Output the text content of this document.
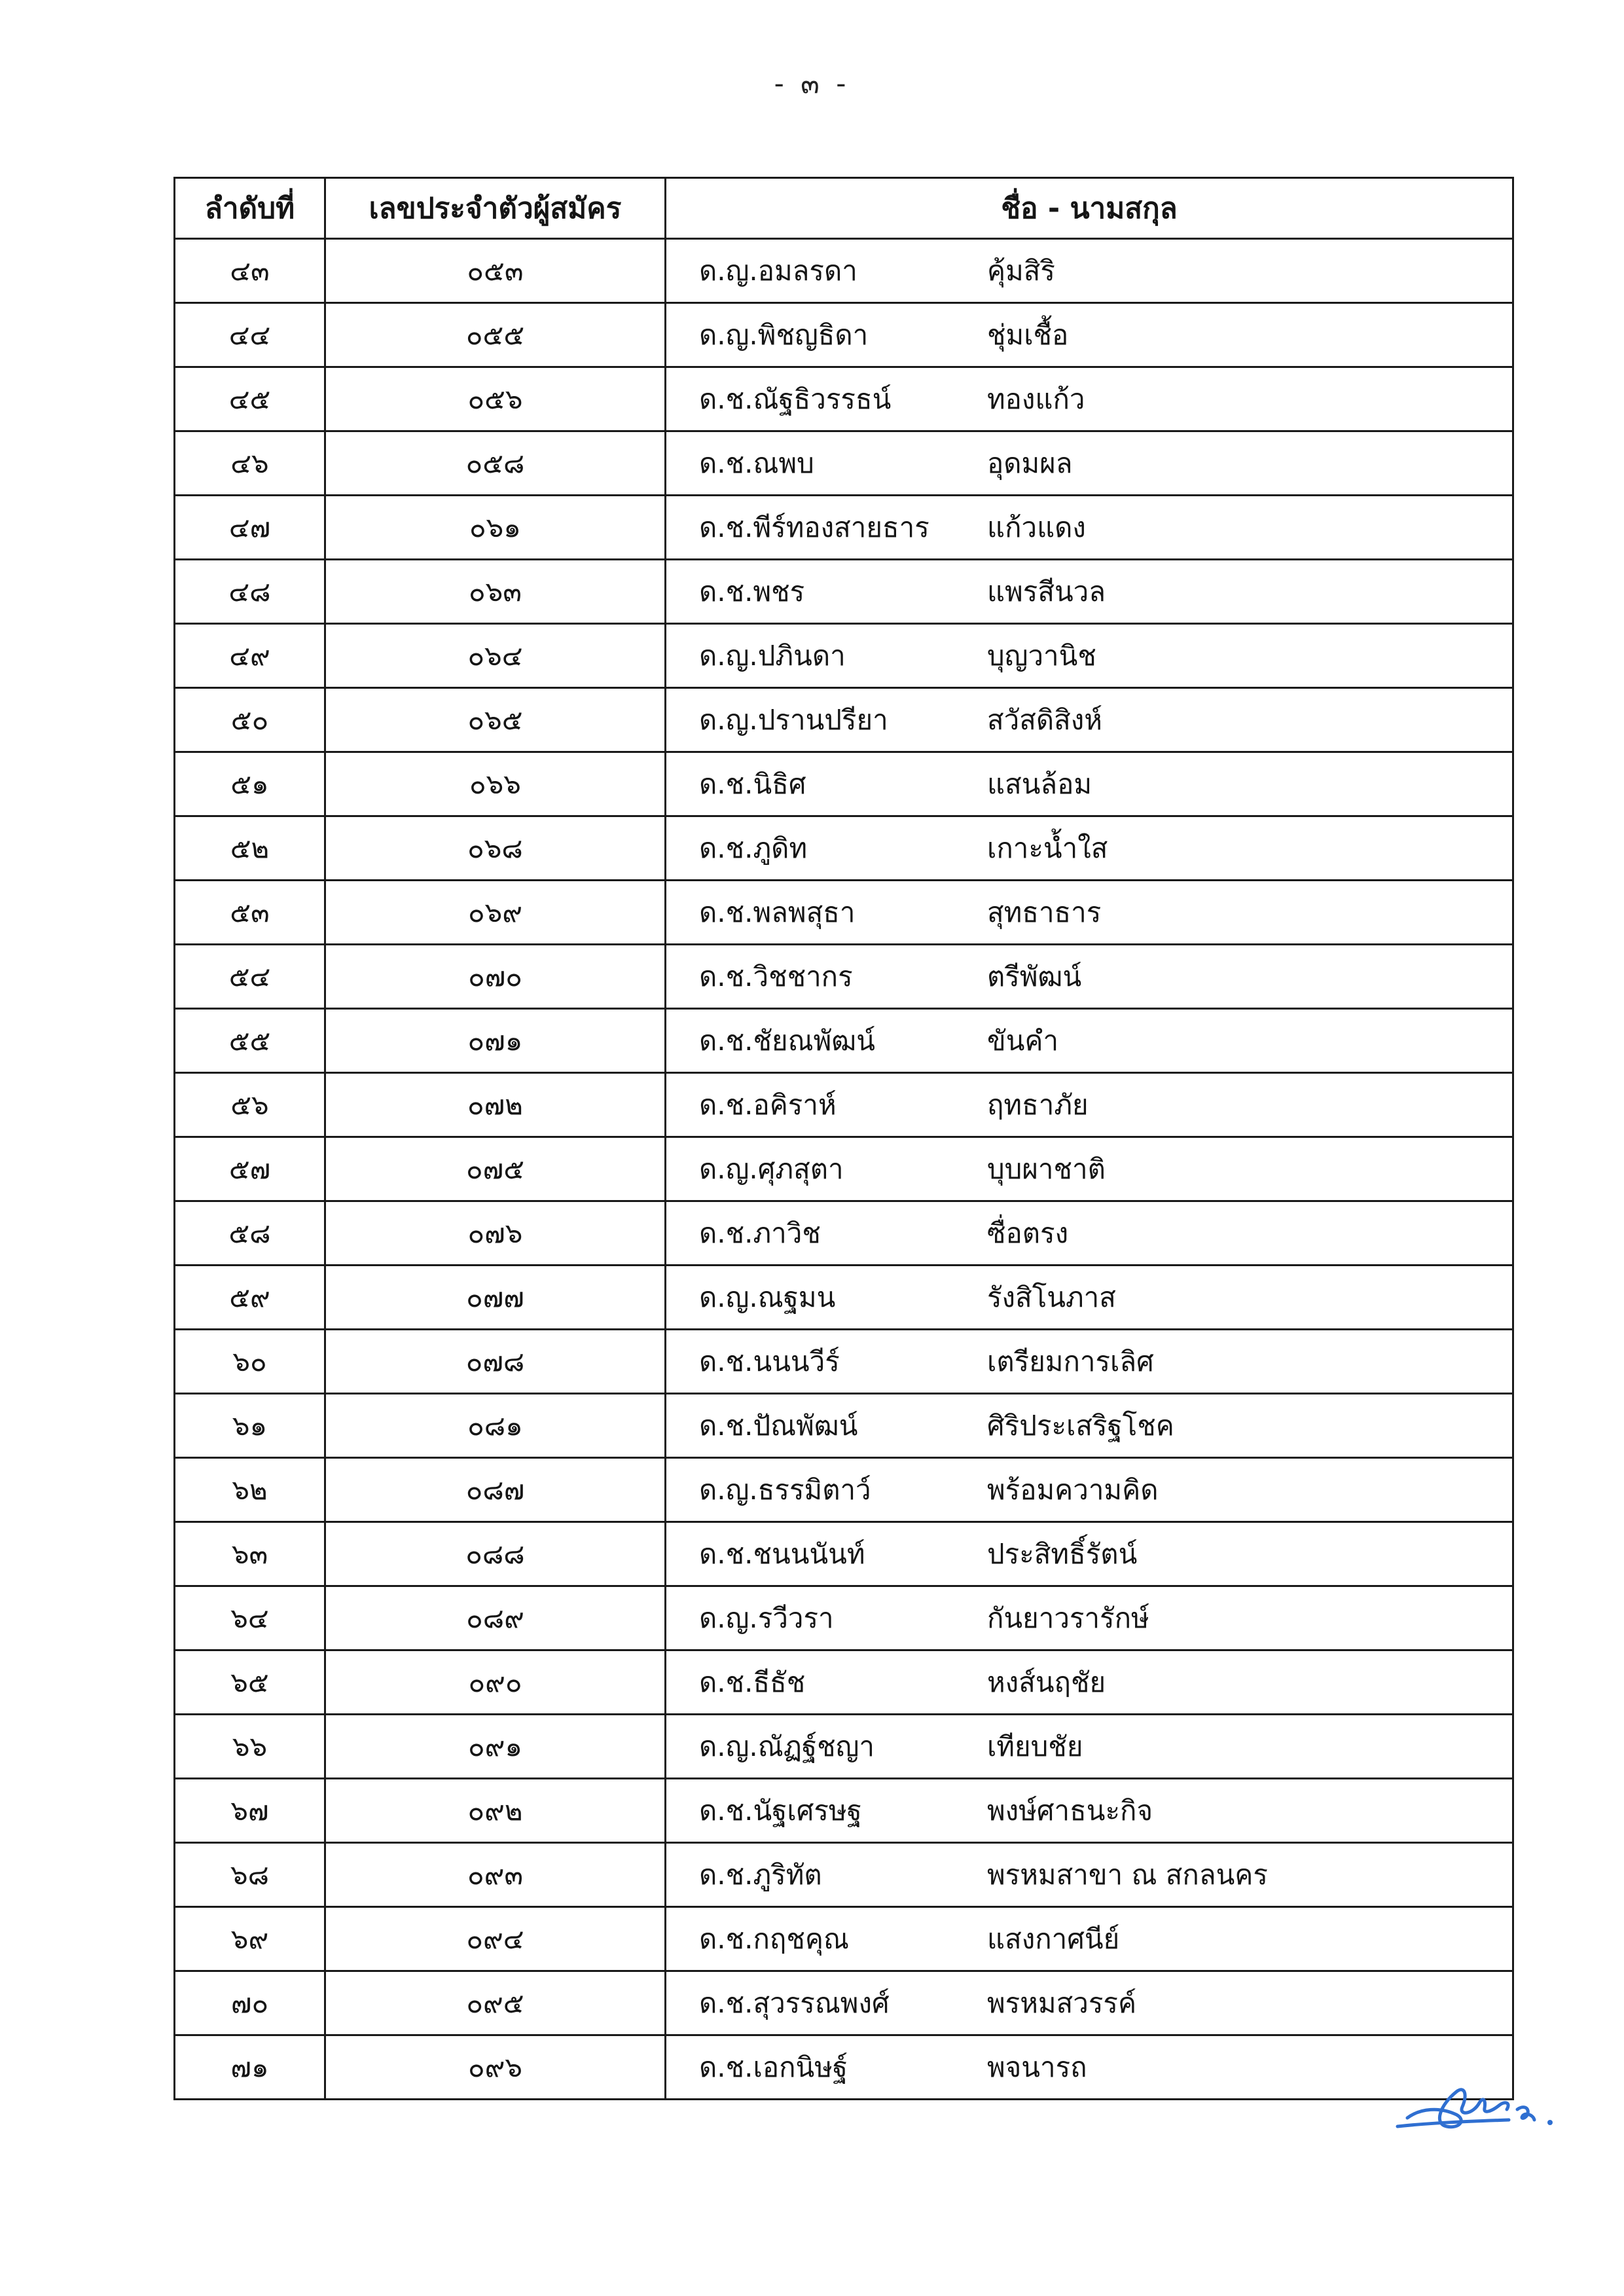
- ๓ -
ลำดับที่	เลขประจำตัวผู้สมัคร	ชื่อ - นามสกุล
๔๓	๐๕๓	ด.ญ.อมลรดา คุ้มสิริ
๔๔	๐๕๕	ด.ญ.พิชญธิดา ชุ่มเชื้อ
๔๕	๐๕๖	ด.ช.ณัฐธิวรรธน์ ทองแก้ว
๔๖	๐๕๘	ด.ช.ณพบ อุดมผล
๔๗	๐๖๑	ด.ช.พีร์ทองสายธาร แก้วแดง
๔๘	๐๖๓	ด.ช.พชร แพรสีนวล
๔๙	๐๖๔	ด.ญ.ปภินดา บุญวานิช
๕๐	๐๖๕	ด.ญ.ปรานปรียา สวัสดิสิงห์
๕๑	๐๖๖	ด.ช.นิธิศ แสนล้อม
๕๒	๐๖๘	ด.ช.ภูดิท เกาะน้ำใส
๕๓	๐๖๙	ด.ช.พลพสุธา สุทธาธาร
๕๔	๐๗๐	ด.ช.วิชชากร ตรีพัฒน์
๕๕	๐๗๑	ด.ช.ชัยณพัฒน์ ขันคำ
๕๖	๐๗๒	ด.ช.อคิราห์ ฤทธาภัย
๕๗	๐๗๕	ด.ญ.ศุภสุตา บุบผาชาติ
๕๘	๐๗๖	ด.ช.ภาวิช ซื่อตรง
๕๙	๐๗๗	ด.ญ.ณฐมน รังสิโนภาส
๖๐	๐๗๘	ด.ช.นนนวีร์ เตรียมการเลิศ
๖๑	๐๘๑	ด.ช.ปัณพัฒน์ ศิริประเสริฐโชค
๖๒	๐๘๗	ด.ญ.ธรรมิตาว์ พร้อมความคิด
๖๓	๐๘๘	ด.ช.ชนนนันท์ ประสิทธิ์รัตน์
๖๔	๐๘๙	ด.ญ.รวีวรา กันยาวรารักษ์
๖๕	๐๙๐	ด.ช.ธีธัช หงส์นฤชัย
๖๖	๐๙๑	ด.ญ.ณัฏฐ์ชญา เทียบชัย
๖๗	๐๙๒	ด.ช.นัฐเศรษฐ พงษ์ศาธนะกิจ
๖๘	๐๙๓	ด.ช.ภูริทัต พรหมสาขา ณ สกลนคร
๖๙	๐๙๔	ด.ช.กฤชคุณ แสงกาศนีย์
๗๐	๐๙๕	ด.ช.สุวรรณพงศ์ พรหมสวรรค์
๗๑	๐๙๖	ด.ช.เอกนิษฐ์ พจนารถ
